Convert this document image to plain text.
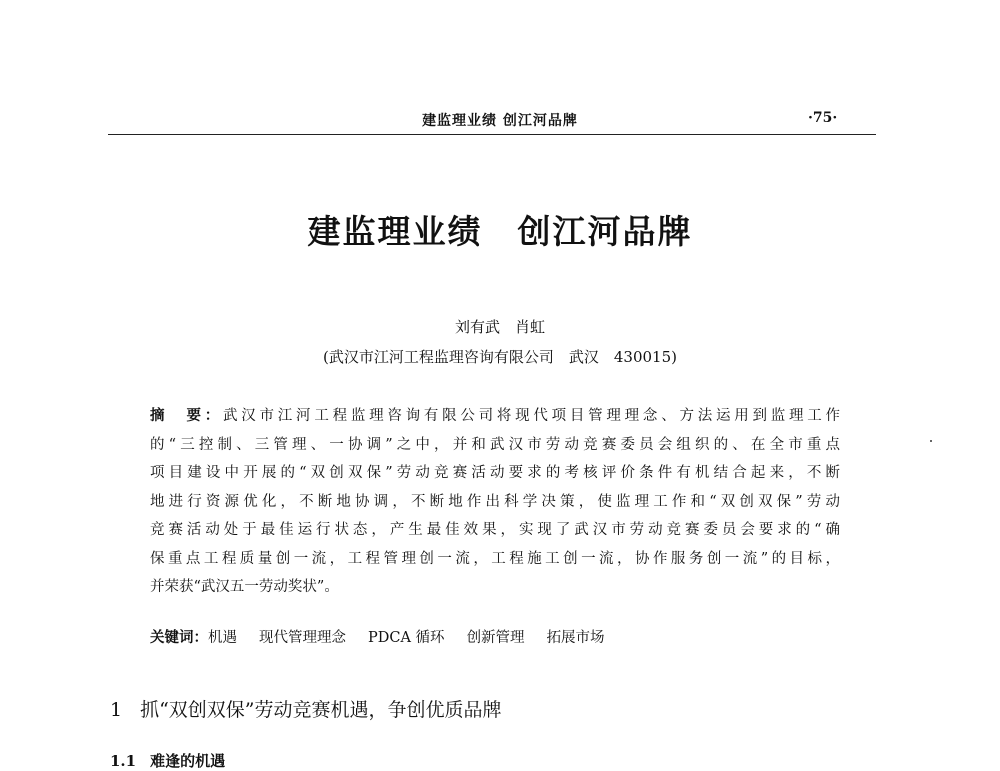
建监理业绩 创江河品牌	·75·
建监理业绩　创江河品牌
刘有武　肖虹
(武汉市江河工程监理咨询有限公司　武汉　430015)
摘　要：武汉市江河工程监理咨询有限公司将现代项目管理理念、方法运用到监理工作
的“三控制、三管理、一协调”之中，并和武汉市劳动竞赛委员会组织的、在全市重点
项目建设中开展的“双创双保”劳动竞赛活动要求的考核评价条件有机结合起来，不断
地进行资源优化，不断地协调，不断地作出科学决策，使监理工作和“双创双保”劳动
竞赛活动处于最佳运行状态，产生最佳效果，实现了武汉市劳动竞赛委员会要求的“确
保重点工程质量创一流，工程管理创一流，工程施工创一流，协作服务创一流”的目标，
并荣获“武汉五一劳动奖状”。
关键词：机遇 现代管理理念 PDCA 循环 创新管理 拓展市场
1 抓“双创双保”劳动竞赛机遇，争创优质品牌
1.1 难逢的机遇
